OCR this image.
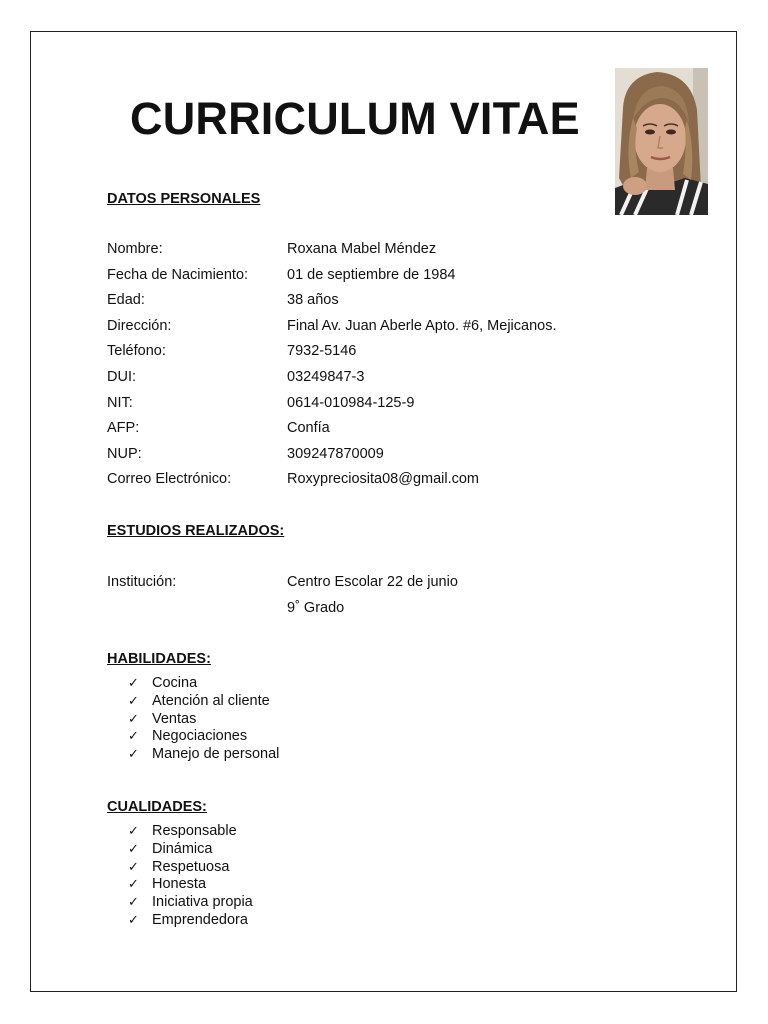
CURRICULUM VITAE
DATOS PERSONALES
Nombre:	Roxana Mabel Méndez
Fecha de Nacimiento:	01 de septiembre de 1984
Edad:	38 años
Dirección:	Final Av. Juan Aberle Apto. #6, Mejicanos.
Teléfono:	7932-5146
DUI:	03249847-3
NIT:	0614-010984-125-9
AFP:	Confía
NUP:	309247870009
Correo Electrónico:	Roxypreciosita08@gmail.com
ESTUDIOS REALIZADOS:
Institución:	Centro Escolar 22 de junio
9˚ Grado
HABILIDADES:
✓ Cocina
✓ Atención al cliente
✓ Ventas
✓ Negociaciones
✓ Manejo de personal
CUALIDADES:
✓ Responsable
✓ Dinámica
✓ Respetuosa
✓ Honesta
✓ Iniciativa propia
✓ Emprendedora
